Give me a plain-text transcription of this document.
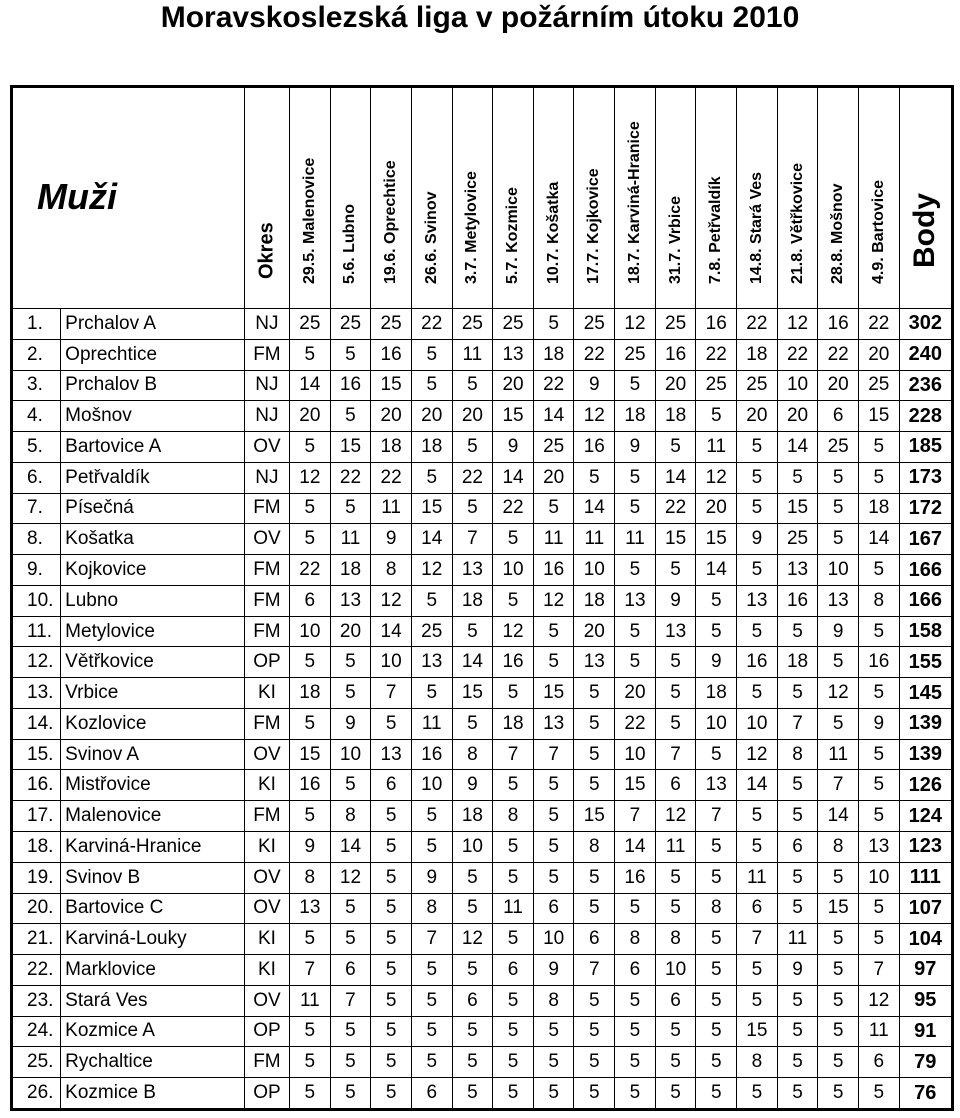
Moravskoslezská liga v požárním útoku 2010
Muži		Okres	29.5. Malenovice	5.6. Lubno	19.6. Oprechtice	26.6. Svinov	3.7. Metylovice	5.7. Kozmice	10.7. Košatka	17.7. Kojkovice	18.7. Karviná-Hranice	31.7. Vrbice	7.8. Petřvaldík	14.8. Stará Ves	21.8. Větřkovice	28.8. Mošnov	4.9. Bartovice	Body

1.	Prchalov A	NJ	25	25	25	22	25	25	5	25	12	25	16	22	12	16	22	302
2.	Oprechtice	FM	5	5	16	5	11	13	18	22	25	16	22	18	22	22	20	240
3.	Prchalov B	NJ	14	16	15	5	5	20	22	9	5	20	25	25	10	20	25	236
4.	Mošnov	NJ	20	5	20	20	20	15	14	12	18	18	5	20	20	6	15	228
5.	Bartovice A	OV	5	15	18	18	5	9	25	16	9	5	11	5	14	25	5	185
6.	Petřvaldík	NJ	12	22	22	5	22	14	20	5	5	14	12	5	5	5	5	173
7.	Písečná	FM	5	5	11	15	5	22	5	14	5	22	20	5	15	5	18	172
8.	Košatka	OV	5	11	9	14	7	5	11	11	11	15	15	9	25	5	14	167
9.	Kojkovice	FM	22	18	8	12	13	10	16	10	5	5	14	5	13	10	5	166
10.	Lubno	FM	6	13	12	5	18	5	12	18	13	9	5	13	16	13	8	166
11.	Metylovice	FM	10	20	14	25	5	12	5	20	5	13	5	5	5	9	5	158
12.	Větřkovice	OP	5	5	10	13	14	16	5	13	5	5	9	16	18	5	16	155
13.	Vrbice	KI	18	5	7	5	15	5	15	5	20	5	18	5	5	12	5	145
14.	Kozlovice	FM	5	9	5	11	5	18	13	5	22	5	10	10	7	5	9	139
15.	Svinov A	OV	15	10	13	16	8	7	7	5	10	7	5	12	8	11	5	139
16.	Mistřovice	KI	16	5	6	10	9	5	5	5	15	6	13	14	5	7	5	126
17.	Malenovice	FM	5	8	5	5	18	8	5	15	7	12	7	5	5	14	5	124
18.	Karviná-Hranice	KI	9	14	5	5	10	5	5	8	14	11	5	5	6	8	13	123
19.	Svinov B	OV	8	12	5	9	5	5	5	5	16	5	5	11	5	5	10	111
20.	Bartovice C	OV	13	5	5	8	5	11	6	5	5	5	8	6	5	15	5	107
21.	Karviná-Louky	KI	5	5	5	7	12	5	10	6	8	8	5	7	11	5	5	104
22.	Marklovice	KI	7	6	5	5	5	6	9	7	6	10	5	5	9	5	7	97
23.	Stará Ves	OV	11	7	5	5	6	5	8	5	5	6	5	5	5	5	12	95
24.	Kozmice A	OP	5	5	5	5	5	5	5	5	5	5	5	15	5	5	11	91
25.	Rychaltice	FM	5	5	5	5	5	5	5	5	5	5	5	8	5	5	6	79
26.	Kozmice B	OP	5	5	5	6	5	5	5	5	5	5	5	5	5	5	5	76
